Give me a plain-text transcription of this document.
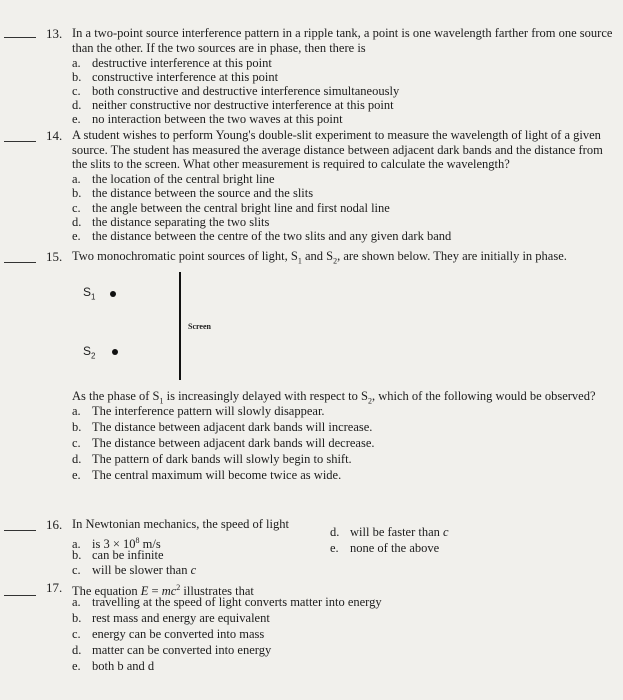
13. In a two-point source interference pattern in a ripple tank, a point is one wavelength farther from one source
than the other. If the two sources are in phase, then there is
a. destructive interference at this point
b. constructive interference at this point
c. both constructive and destructive interference simultaneously
d. neither constructive nor destructive interference at this point
e. no interaction between the two waves at this point
14. A student wishes to perform Young's double-slit experiment to measure the wavelength of light of a given
source. The student has measured the average distance between adjacent dark bands and the distance from
the slits to the screen. What other measurement is required to calculate the wavelength?
a. the location of the central bright line
b. the distance between the source and the slits
c. the angle between the central bright line and first nodal line
d. the distance separating the two slits
e. the distance between the centre of the two slits and any given dark band
15. Two monochromatic point sources of light, $S_1$ and $S_2$, are shown below. They are initially in phase.
$S_1$
$S_2$
Screen
As the phase of $S_1$ is increasingly delayed with respect to $S_2$, which of the following would be observed?
a. The interference pattern will slowly disappear.
b. The distance between adjacent dark bands will increase.
c. The distance between adjacent dark bands will decrease.
d. The pattern of dark bands will slowly begin to shift.
e. The central maximum will become twice as wide.
16. In Newtonian mechanics, the speed of light
a. is $3 \times 10^8$ m/s
b. can be infinite
c. will be slower than c
d. will be faster than c
e. none of the above
17. The equation $E = mc^2$ illustrates that
a. travelling at the speed of light converts matter into energy
b. rest mass and energy are equivalent
c. energy can be converted into mass
d. matter can be converted into energy
e. both b and d
